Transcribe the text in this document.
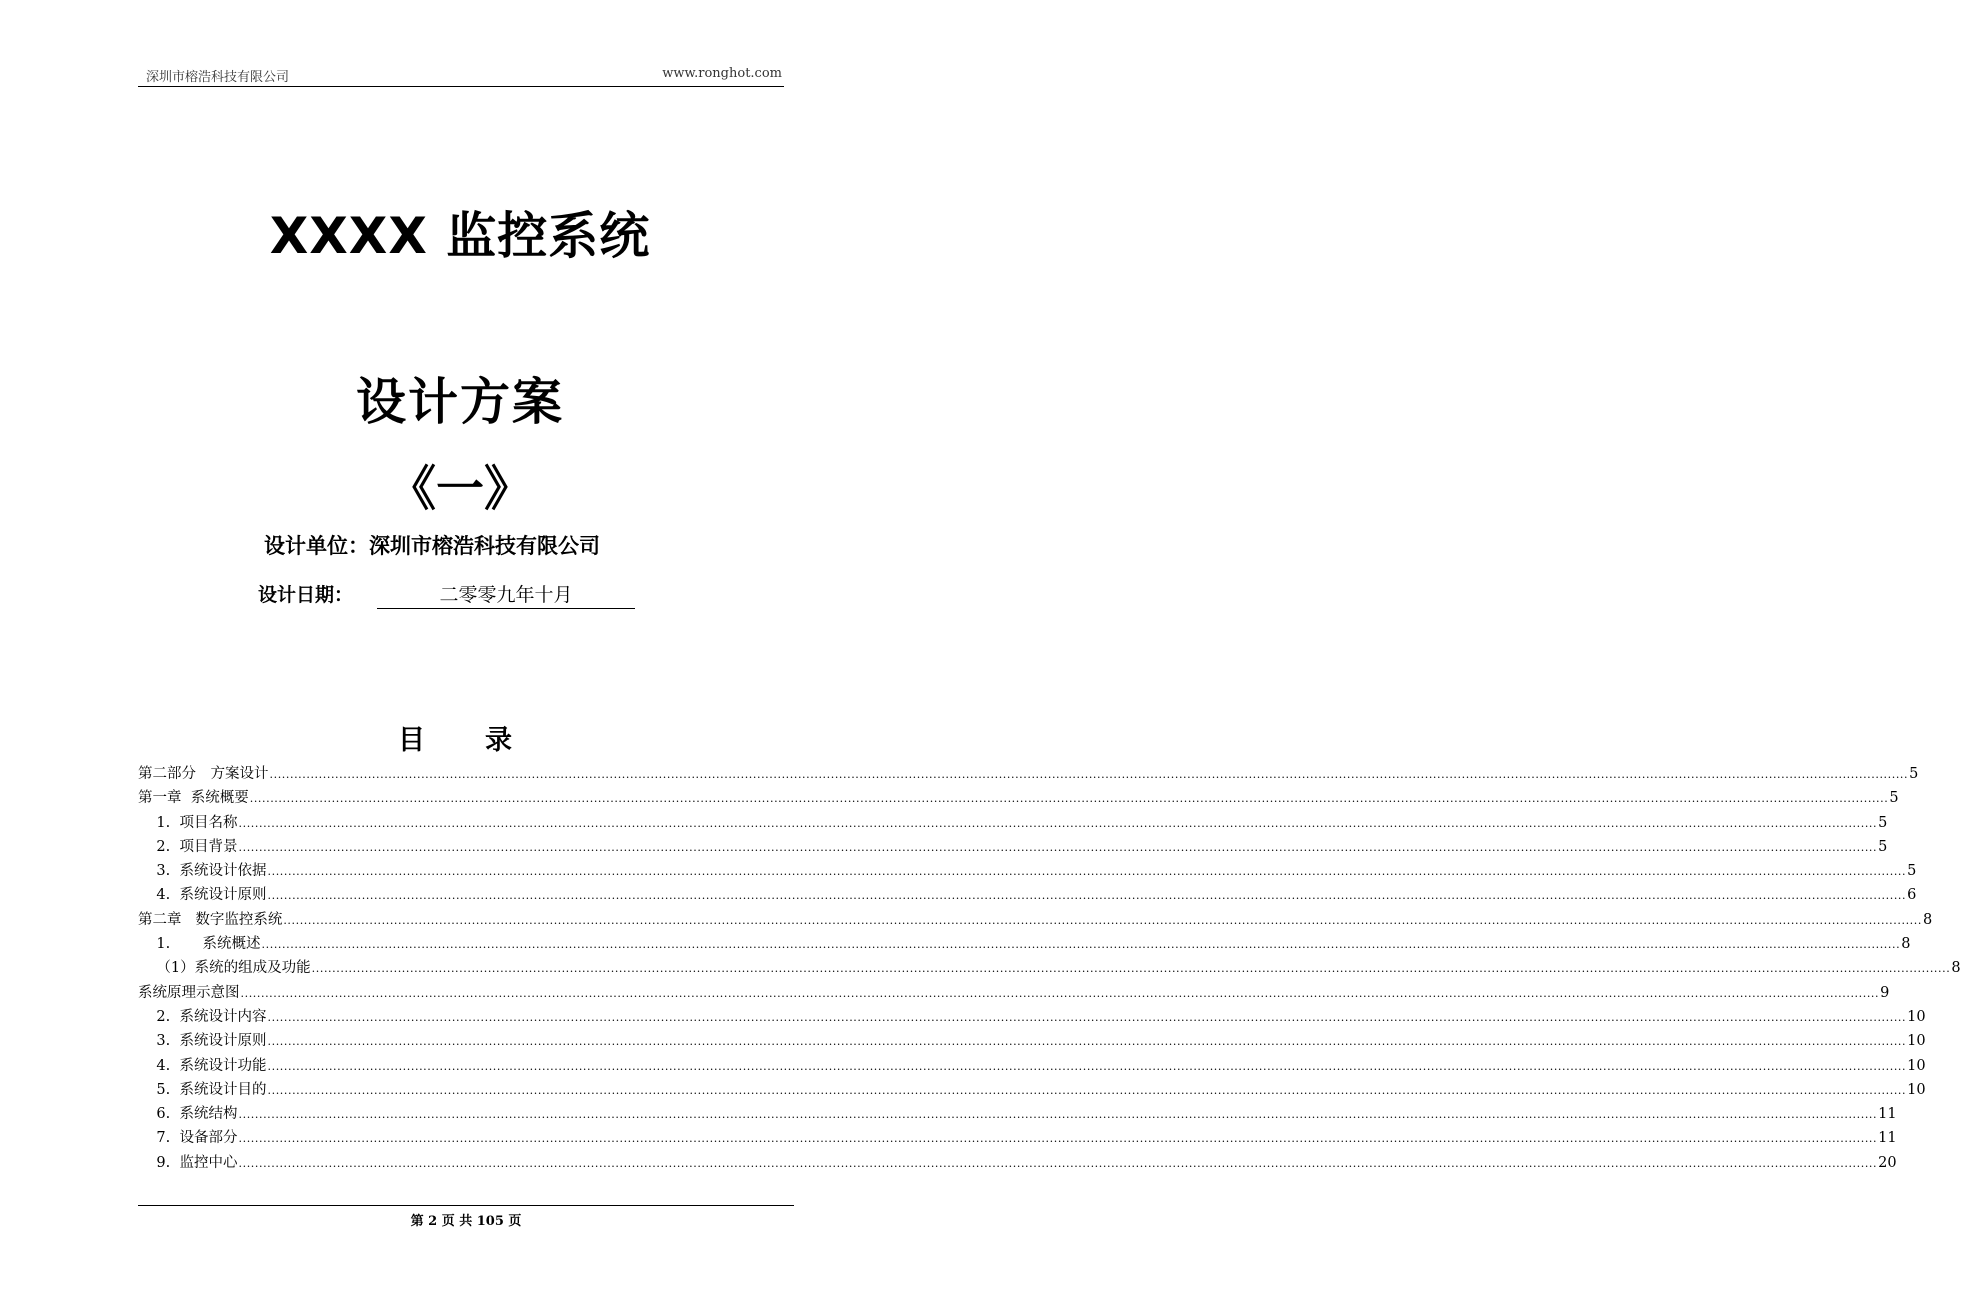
深圳市榕浩科技有限公司	www.ronghot.com
XXXX 监控系统
设计方案
《一》
设计单位：深圳市榕浩科技有限公司
设计日期：	二零零九年十月
目 录
第二部分　方案设计 ................................................................................................................................................................................................................................................................................................................................................................................................................ 5
第一章  系统概要 ................................................................................................................................................................................................................................................................................................................................................................................................................ 5
1.  项目名称 ................................................................................................................................................................................................................................................................................................................................................................................................................ 5
2.  项目背景 ................................................................................................................................................................................................................................................................................................................................................................................................................ 5
3.  系统设计依据 ................................................................................................................................................................................................................................................................................................................................................................................................................ 5
4.  系统设计原则 ................................................................................................................................................................................................................................................................................................................................................................................................................ 6
第二章   数字监控系统 ................................................................................................................................................................................................................................................................................................................................................................................................................ 8
1.       系统概述 ................................................................................................................................................................................................................................................................................................................................................................................................................ 8
（1）系统的组成及功能 ................................................................................................................................................................................................................................................................................................................................................................................................................ 8
系统原理示意图 ................................................................................................................................................................................................................................................................................................................................................................................................................ 9
2.  系统设计内容 ................................................................................................................................................................................................................................................................................................................................................................................................................ 10
3.  系统设计原则 ................................................................................................................................................................................................................................................................................................................................................................................................................ 10
4.  系统设计功能 ................................................................................................................................................................................................................................................................................................................................................................................................................ 10
5.  系统设计目的 ................................................................................................................................................................................................................................................................................................................................................................................................................ 10
6.  系统结构 ................................................................................................................................................................................................................................................................................................................................................................................................................ 11
7.  设备部分 ................................................................................................................................................................................................................................................................................................................................................................................................................ 11
9.  监控中心 ................................................................................................................................................................................................................................................................................................................................................................................................................ 20
第 2 页 共 105 页
